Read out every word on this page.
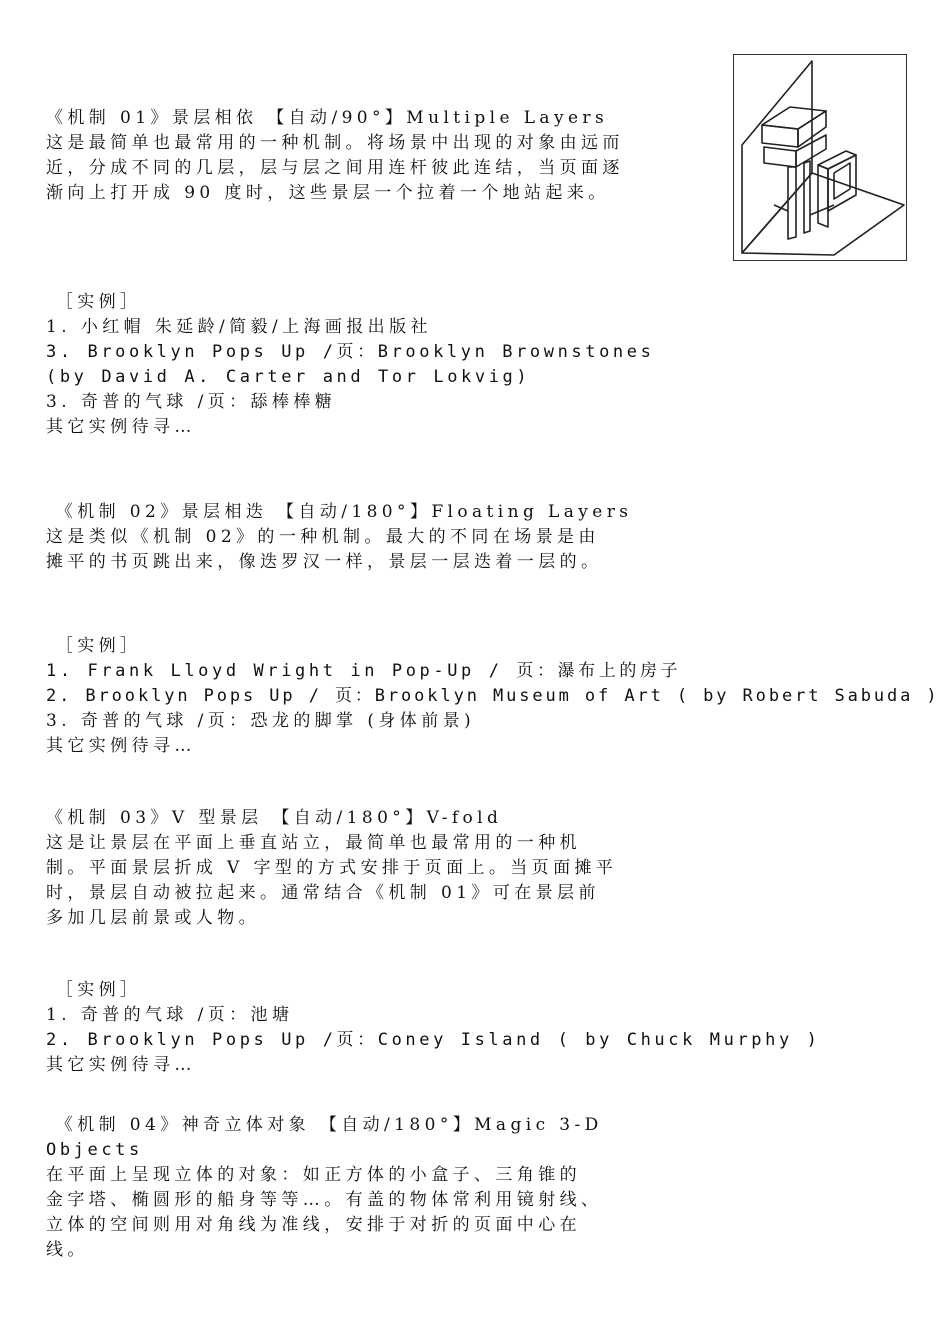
《机制 01》景层相依 【自动/90°】Multiple Layers
这是最简单也最常用的一种机制。将场景中出现的对象由远而
近，分成不同的几层，层与层之间用连杆彼此连结，当页面逐
渐向上打开成 90 度时，这些景层一个拉着一个地站起来。
［实例］
1. 小红帽 朱延龄/简毅/上海画报出版社
3. Brooklyn Pops Up /页：Brooklyn Brownstones
(by David A. Carter and Tor Lokvig)
3. 奇普的气球 /页：舔棒棒糖
其它实例待寻…
《机制 02》景层相迭 【自动/180°】Floating Layers
这是类似《机制 02》的一种机制。最大的不同在场景是由
摊平的书页跳出来，像迭罗汉一样，景层一层迭着一层的。
［实例］
1. Frank Lloyd Wright in Pop-Up / 页：瀑布上的房子
2. Brooklyn Pops Up / 页：Brooklyn Museum of Art ( by Robert Sabuda )
3. 奇普的气球 /页：恐龙的脚掌 (身体前景)
其它实例待寻…
《机制 03》V 型景层 【自动/180°】V-fold
这是让景层在平面上垂直站立，最简单也最常用的一种机
制。平面景层折成 V 字型的方式安排于页面上。当页面摊平
时，景层自动被拉起来。通常结合《机制 01》可在景层前
多加几层前景或人物。
［实例］
1. 奇普的气球 /页：池塘
2. Brooklyn Pops Up /页：Coney Island ( by Chuck Murphy )
其它实例待寻…
《机制 04》神奇立体对象 【自动/180°】Magic 3-D
Objects
在平面上呈现立体的对象：如正方体的小盒子、三角锥的
金字塔、椭圆形的船身等等…。有盖的物体常利用镜射线、
立体的空间则用对角线为准线，安排于对折的页面中心在
线。
